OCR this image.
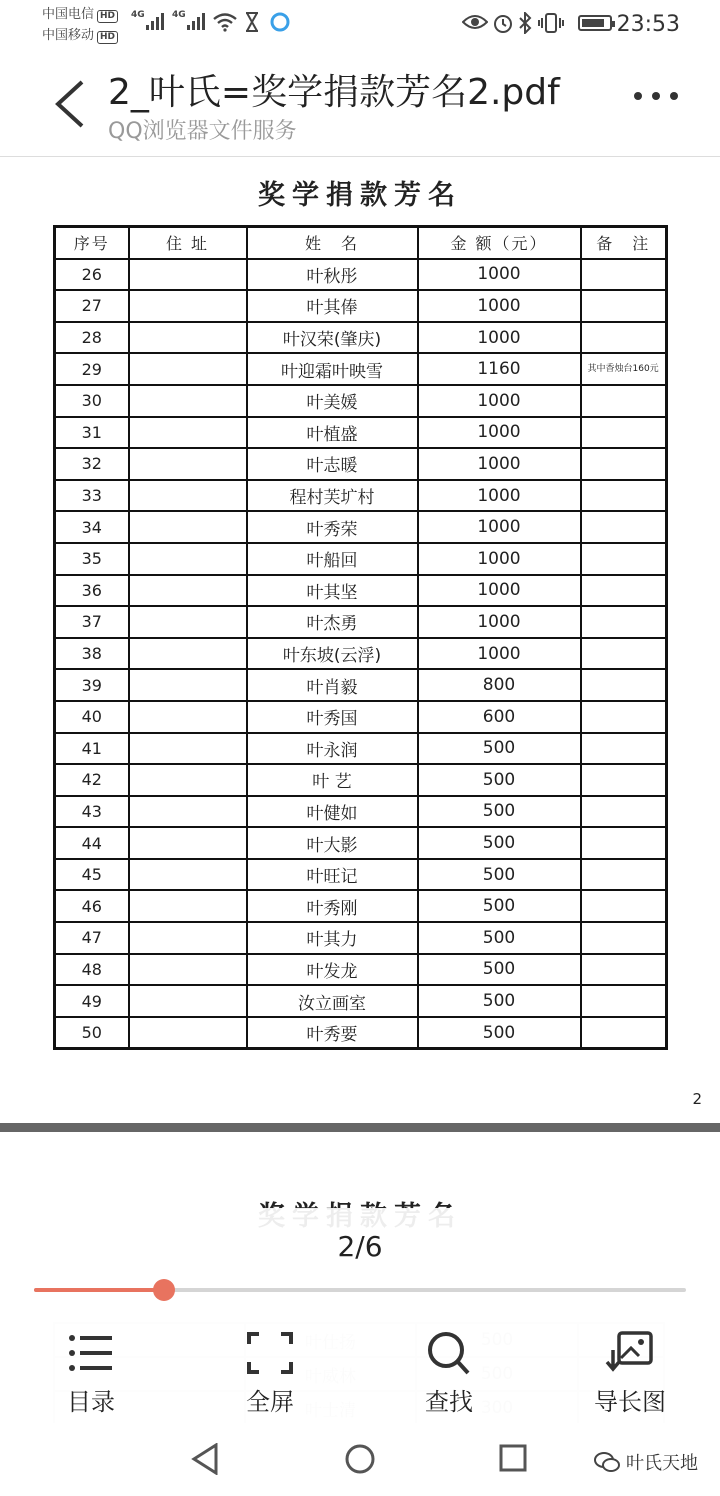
中国电信 HD
中国移动 HD
4G	4G	23:53
2_叶氏=奖学捐款芳名2.pdf
QQ浏览器文件服务
奖学捐款芳名
序号	住 址	姓　名	金 额（元）	备　注
26		叶秋彤	1000	
27		叶其俸	1000	
28		叶汉荣(肇庆)	1000	
29		叶迎霜叶映雪	1160	其中香烛台160元
30		叶美媛	1000	
31		叶植盛	1000	
32		叶志暖	1000	
33		程村芙圹村	1000	
34		叶秀荣	1000	
35		叶船回	1000	
36		叶其坚	1000	
37		叶杰勇	1000	
38		叶东坡(云浮)	1000	
39		叶肖毅	800	
40		叶秀国	600	
41		叶永润	500	
42		叶 艺	500	
43		叶健如	500	
44		叶大影	500	
45		叶旺记	500	
46		叶秀刚	500	
47		叶其力	500	
48		叶发龙	500	
49		汝立画室	500	
50		叶秀要	500	
2

2/6
目录	全屏	查找	导长图
叶氏天地
